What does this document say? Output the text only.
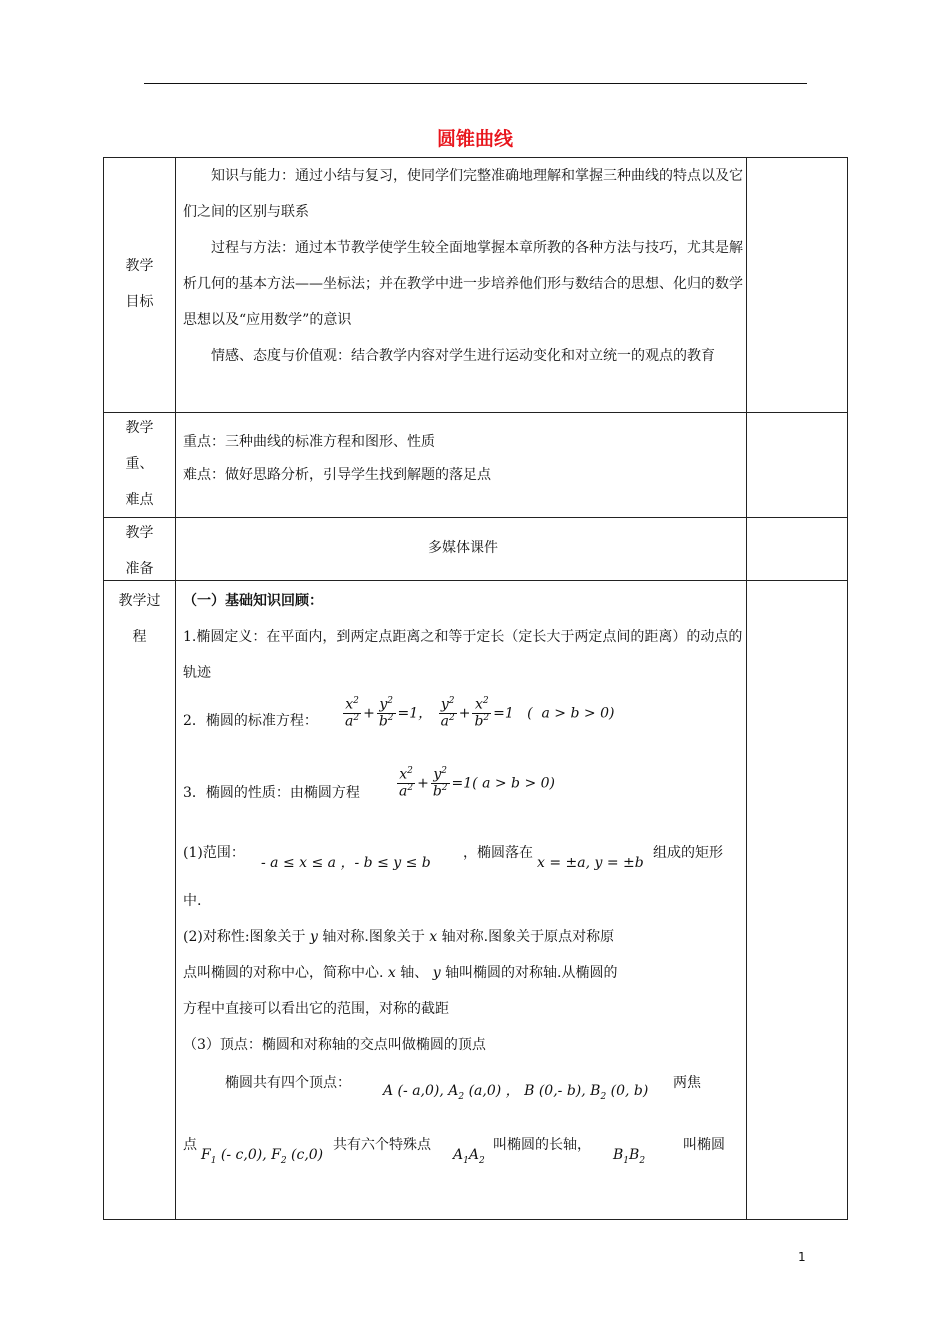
圆锥曲线
教学
目标

知识与能力：通过小结与复习，使同学们完整准确地理解和掌握三种曲线的特点以及它们之间的区别与联系

过程与方法：通过本节教学使学生较全面地掌握本章所教的各种方法与技巧，尤其是解析几何的基本方法——坐标法；并在教学中进一步培养他们形与数结合的思想、化归的数学思想以及“应用数学”的意识

情感、态度与价值观：结合教学内容对学生进行运动变化和对立统一的观点的教育

教学
重、
难点

重点：三种曲线的标准方程和图形、性质

难点：做好思路分析，引导学生找到解题的落足点

教学
准备
多媒体课件
教学过
程

（一）基础知识回顾：

1.椭圆定义：在平面内，到两定点距离之和等于定长（定长大于两定点间的距离）的动点的轨迹

2．椭圆的标准方程： $\frac{x^2}{a^2} + \frac{y^2}{b^2} =1$， $\frac{y^2}{a^2} + \frac{x^2}{b^2} =1$   (  a > b > 0)
3．椭圆的性质：由椭圆方程	$\frac{x^2}{a^2} + \frac{y^2}{b^2} =1$( a > b > 0)
(1)范围：
- a ≤ x ≤ a ，- b ≤ y ≤ b
，椭圆落在
x = ±a, y = ±b
组成的矩形

中.

(2)对称性:图象关于 y 轴对称.图象关于 x 轴对称.图象关于原点对称原

点叫椭圆的对称中心，简称中心. x 轴、 y 轴叫椭圆的对称轴.从椭圆的

方程中直接可以看出它的范围，对称的截距

（3）顶点：椭圆和对称轴的交点叫做椭圆的顶点

椭圆共有四个顶点： A (- a,0), $A_2$ (a,0) ， B (0,- b), $B_2$ (0, b) 两焦
点
$F_1$ (- c,0), $F_2$ (c,0)
共有六个特殊点
$A_1A_2$
叫椭圆的长轴，
$B_1B_2$
叫椭圆
1
